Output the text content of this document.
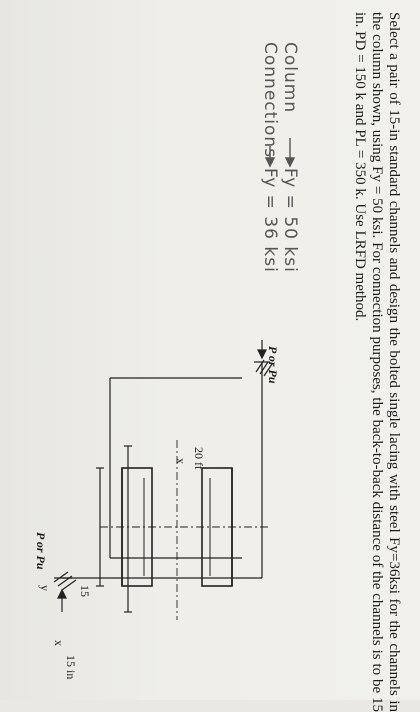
Select a pair of 15-in standard channels and design the bolted single lacing with steel Fy=36ksi for the channels in the column shown, using Fy = 50 ksi. For connection purposes, the back-to-back distance of the channels is to be 15 in. PD = 150 k and PL = 350 k. Use LRFD method.
Column
Connections
Fy = 50 ksi
Fy = 36 ksi
P or Pu
P or Pu
20 ft
x
x
15
y
15 in
